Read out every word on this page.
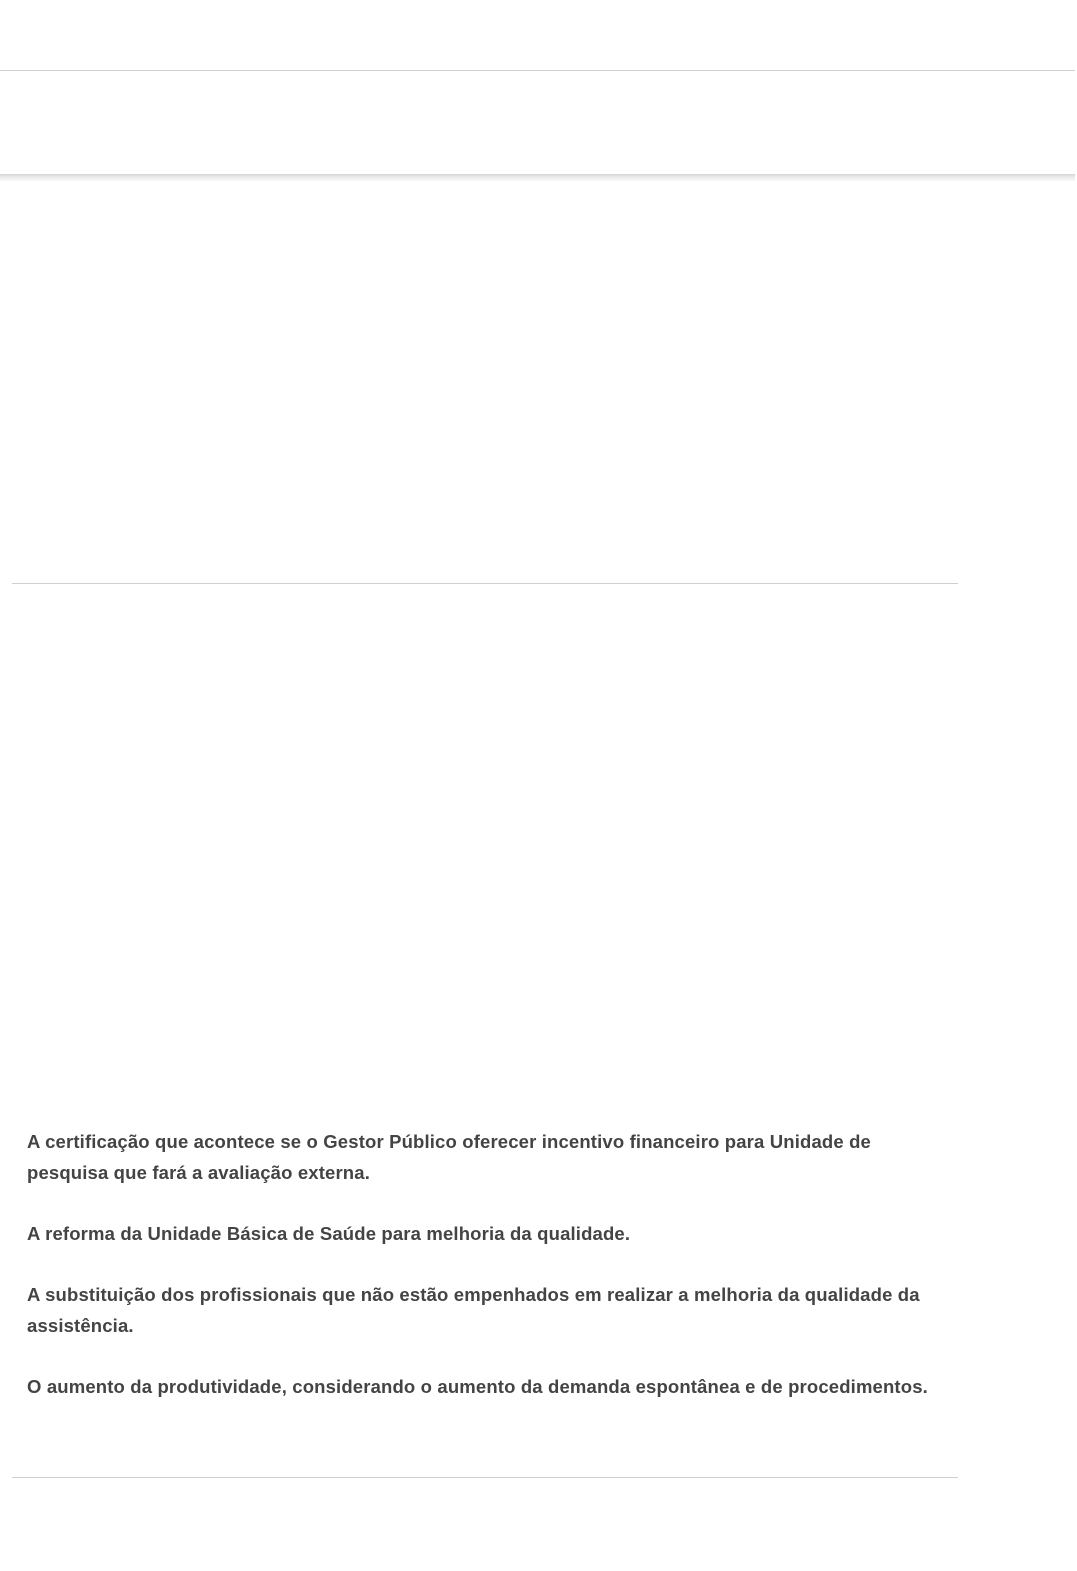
A certificação que acontece se o Gestor Público oferecer incentivo financeiro para Unidade de pesquisa que fará a avaliação externa.
A reforma da Unidade Básica de Saúde para melhoria da qualidade.
A substituição dos profissionais que não estão empenhados em realizar a melhoria da qualidade da assistência.
O aumento da produtividade, considerando o aumento da demanda espontânea e de procedimentos.
